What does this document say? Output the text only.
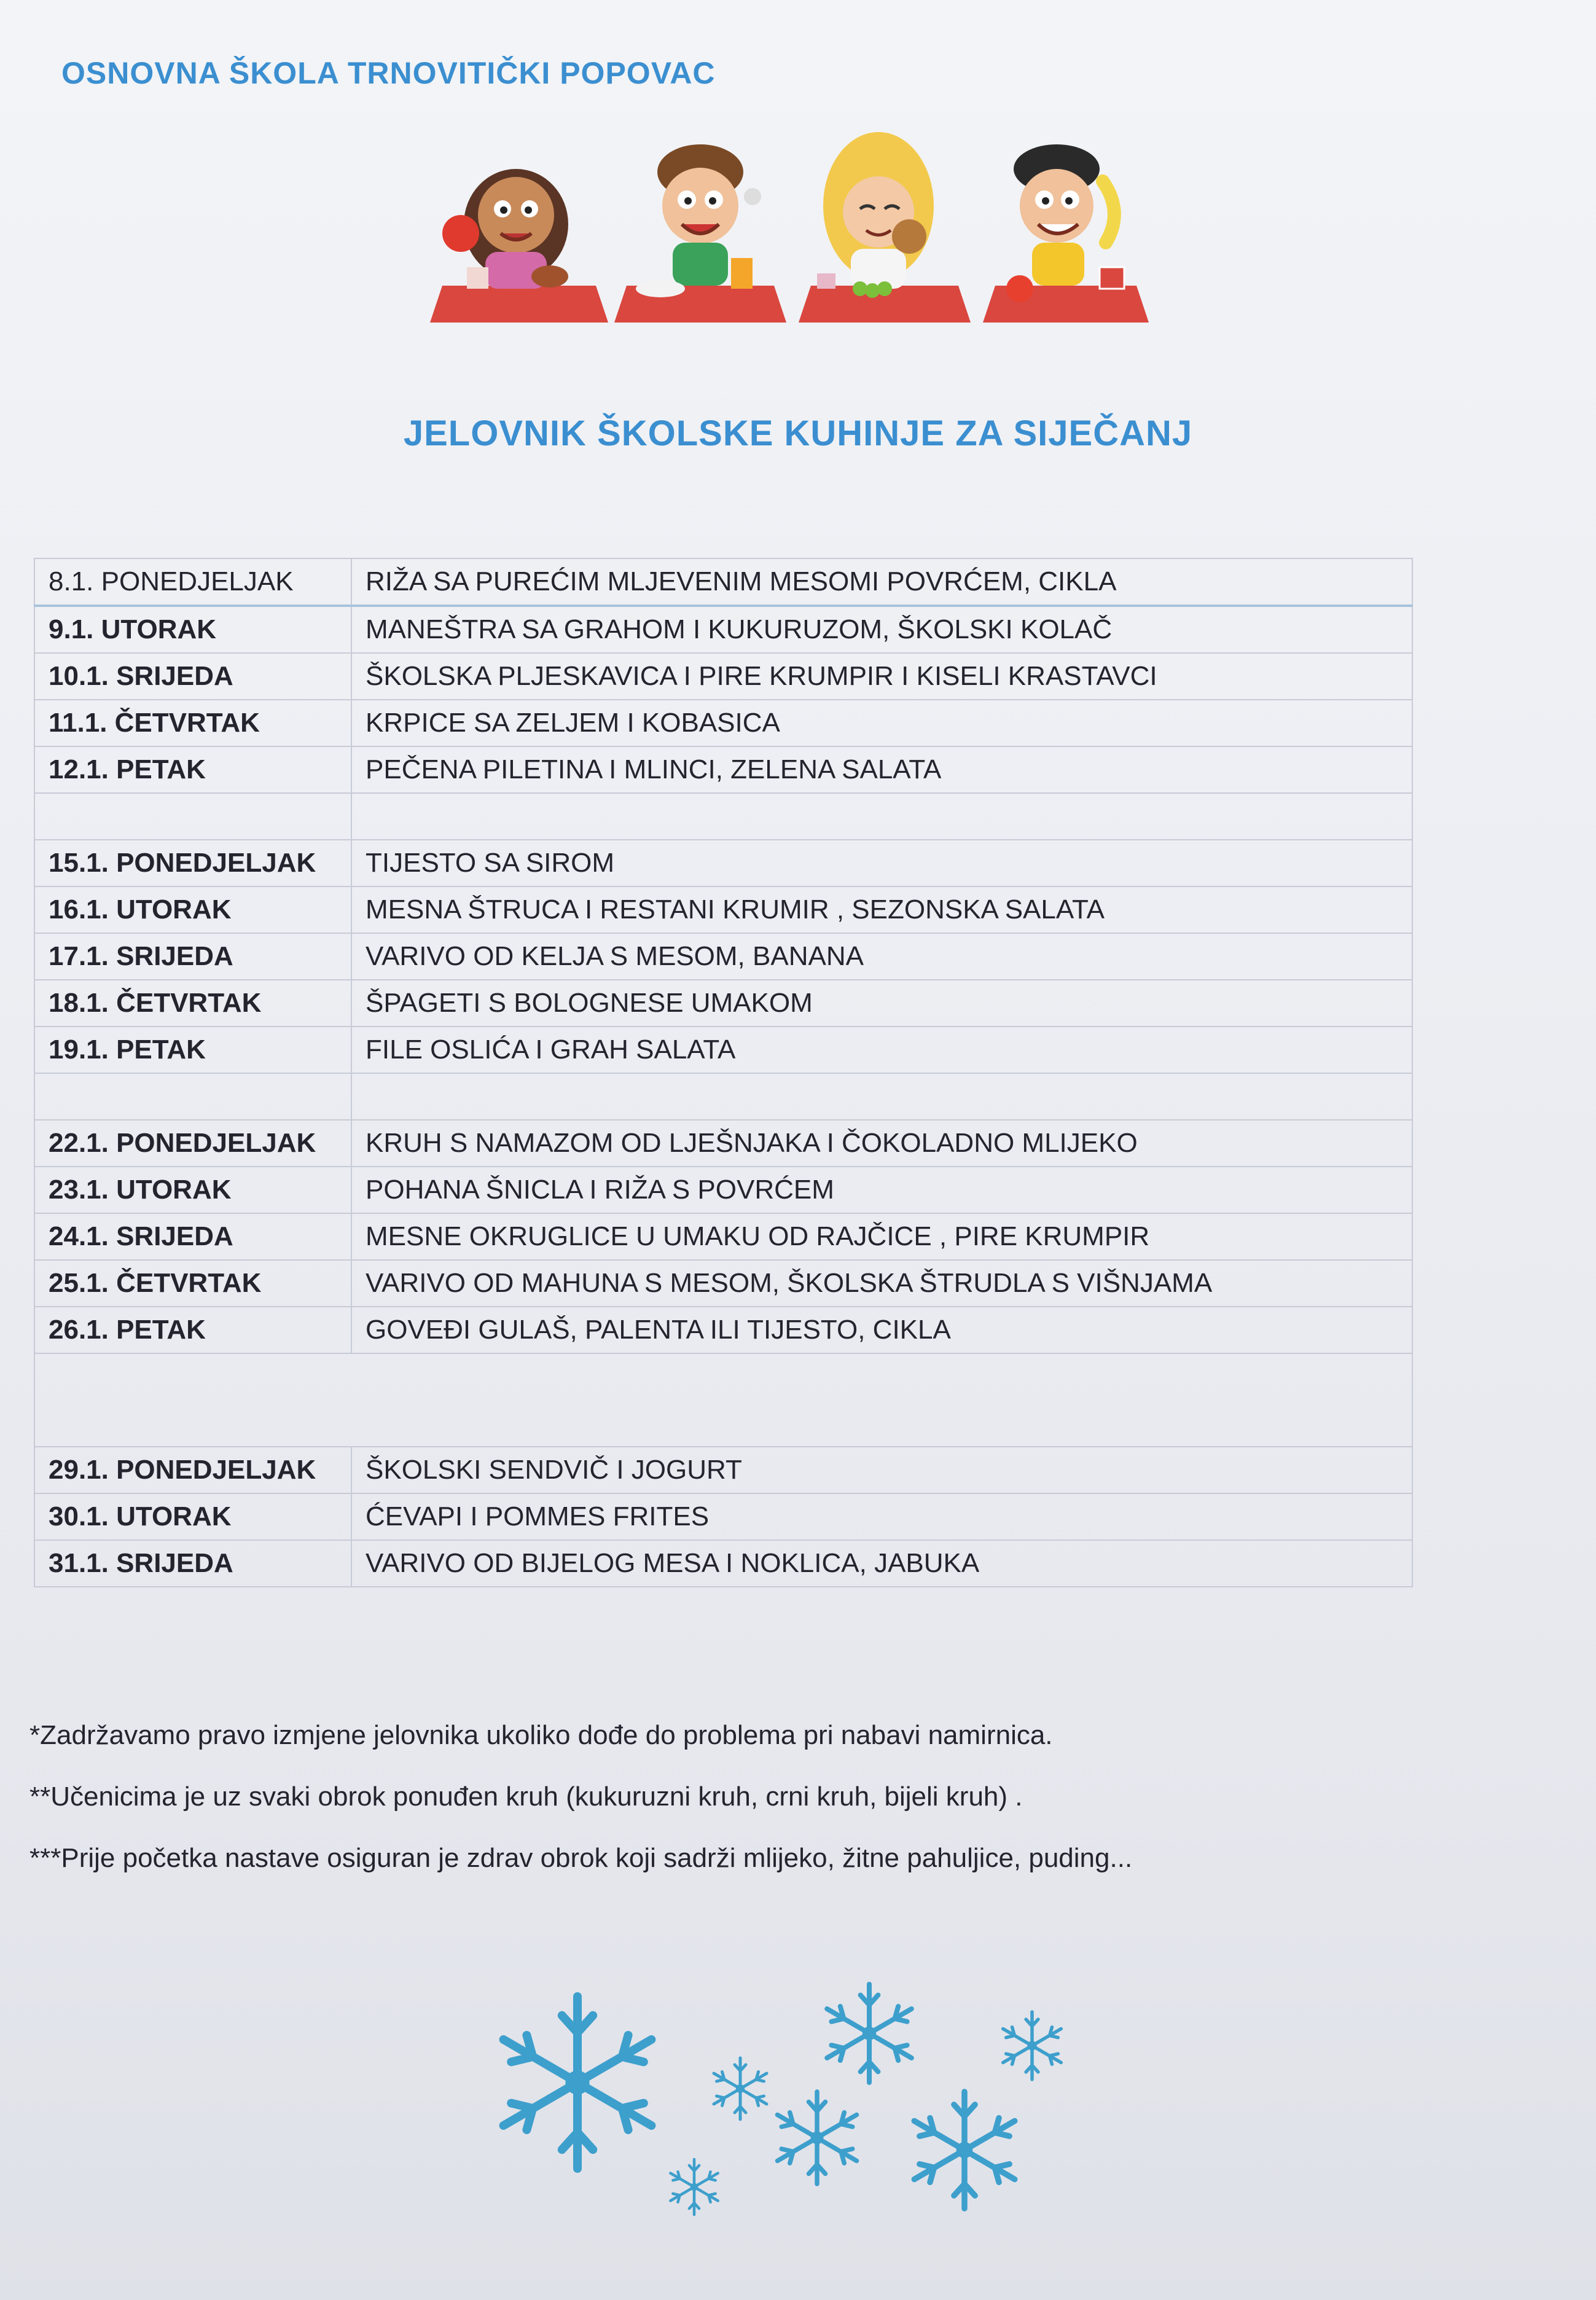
OSNOVNA ŠKOLA TRNOVITIČKI POPOVAC
JELOVNIK ŠKOLSKE KUHINJE ZA SIJEČANJ
8.1. PONEDJELJAK	RIŽA SA PUREĆIM MLJEVENIM MESOMI POVRĆEM, CIKLA
9.1. UTORAK	MANEŠTRA SA GRAHOM I KUKURUZOM, ŠKOLSKI KOLAČ
10.1. SRIJEDA	ŠKOLSKA PLJESKAVICA I PIRE KRUMPIR I KISELI KRASTAVCI
11.1. ČETVRTAK	KRPICE SA ZELJEM I KOBASICA
12.1. PETAK	PEČENA PILETINA I MLINCI, ZELENA SALATA

15.1. PONEDJELJAK	TIJESTO SA SIROM
16.1. UTORAK	MESNA ŠTRUCA I RESTANI KRUMIR , SEZONSKA SALATA
17.1. SRIJEDA	VARIVO OD KELJA S MESOM, BANANA
18.1. ČETVRTAK	ŠPAGETI S BOLOGNESE UMAKOM
19.1. PETAK	FILE OSLIĆA I GRAH SALATA

22.1. PONEDJELJAK	KRUH S NAMAZOM OD LJEŠNJAKA I ČOKOLADNO MLIJEKO
23.1. UTORAK	POHANA ŠNICLA I RIŽA S POVRĆEM
24.1. SRIJEDA	MESNE OKRUGLICE U UMAKU OD RAJČICE , PIRE KRUMPIR
25.1. ČETVRTAK	VARIVO OD MAHUNA S MESOM, ŠKOLSKA ŠTRUDLA S VIŠNJAMA
26.1. PETAK	GOVEĐI GULAŠ, PALENTA ILI TIJESTO, CIKLA

29.1. PONEDJELJAK	ŠKOLSKI SENDVIČ I JOGURT
30.1. UTORAK	ĆEVAPI I POMMES FRITES
31.1. SRIJEDA	VARIVO OD BIJELOG MESA I NOKLICA, JABUKA
*Zadržavamo pravo izmjene jelovnika ukoliko dođe do problema pri nabavi namirnica.
**Učenicima je uz svaki obrok ponuđen kruh (kukuruzni kruh, crni kruh, bijeli kruh) .
***Prije početka nastave osiguran je zdrav obrok koji sadrži mlijeko, žitne pahuljice, puding...
